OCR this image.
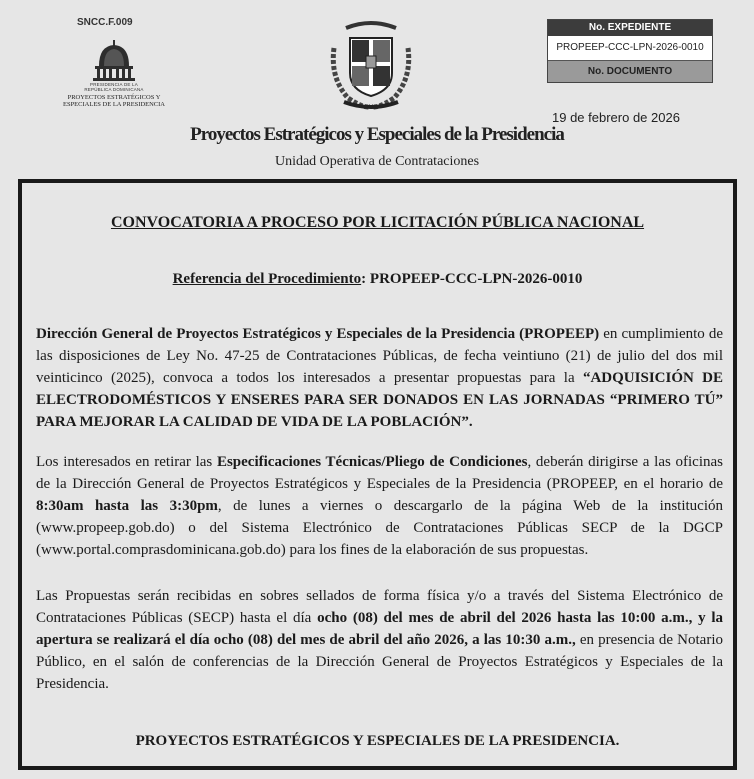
SNCC.F.009
PRESIDENCIA DE LA
REPÚBLICA DOMINICANA
PROYECTOS ESTRATÉGICOS Y
ESPECIALES DE LA PRESIDENCIA
No. EXPEDIENTE
PROPEEP-CCC-LPN-2026-0010
No. DOCUMENTO
19 de febrero de 2026
Proyectos Estratégicos y Especiales de la Presidencia
Unidad Operativa de Contrataciones
CONVOCATORIA A PROCESO POR LICITACIÓN PÚBLICA NACIONAL
Referencia del Procedimiento: PROPEEP-CCC-LPN-2026-0010
Dirección General de Proyectos Estratégicos y Especiales de la Presidencia (PROPEEP) en cumplimiento de las disposiciones de Ley No. 47-25 de Contrataciones Públicas, de fecha veintiuno (21) de julio del dos mil veinticinco (2025), convoca a todos los interesados a presentar propuestas para la “ADQUISICIÓN DE ELECTRODOMÉSTICOS Y ENSERES PARA SER DONADOS EN LAS JORNADAS “PRIMERO TÚ” PARA MEJORAR LA CALIDAD DE VIDA DE LA POBLACIÓN”.
Los interesados en retirar las Especificaciones Técnicas/Pliego de Condiciones, deberán dirigirse a las oficinas de la Dirección General de Proyectos Estratégicos y Especiales de la Presidencia (PROPEEP, en el horario de 8:30am hasta las 3:30pm, de lunes a viernes o descargarlo de la página Web de la institución (www.propeep.gob.do) o del Sistema Electrónico de Contrataciones Públicas SECP de la DGCP (www.portal.comprasdominicana.gob.do) para los fines de la elaboración de sus propuestas.
Las Propuestas serán recibidas en sobres sellados de forma física y/o a través del Sistema Electrónico de Contrataciones Públicas (SECP) hasta el día ocho (08) del mes de abril del 2026 hasta las 10:00 a.m., y la apertura se realizará el día ocho (08) del mes de abril del año 2026, a las 10:30 a.m., en presencia de Notario Público, en el salón de conferencias de la Dirección General de Proyectos Estratégicos y Especiales de la Presidencia.
PROYECTOS ESTRATÉGICOS Y ESPECIALES DE LA PRESIDENCIA.
